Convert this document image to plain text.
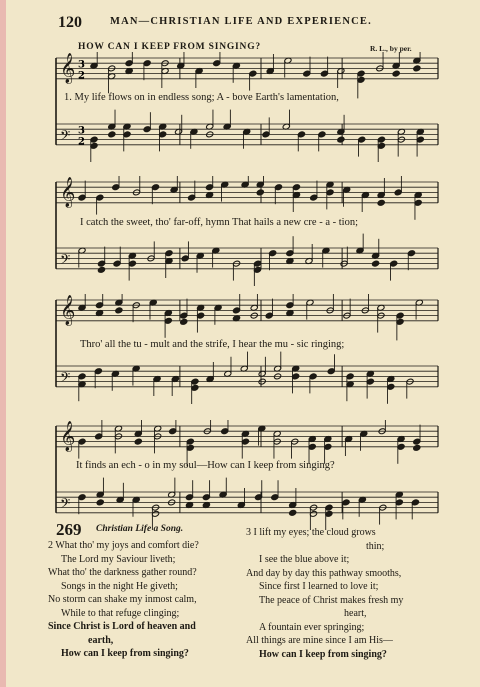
120	MAN—CHRISTIAN LIFE AND EXPERIENCE.
HOW CAN I KEEP FROM SINGING?	R. L., by per.
𝄞 3
2
𝄢 3
2
1. My life flows on in endless song; A - bove Earth's lamentation,
𝄞
𝄢
I catch the sweet, tho' far-off, hymn That hails a new cre - a - tion;
𝄞
𝄢
Thro' all the tu - mult and the strife, I hear the mu - sic ringing;
𝄞
𝄢
It finds an ech - o in my soul—How can I keep from singing?
269 Christian Life a Song.
2 What tho' my joys and comfort die?
The Lord my Saviour liveth;
What tho' the darkness gather round?
Songs in the night He giveth;
No storm can shake my inmost calm,
While to that refuge clinging;
Since Christ is Lord of heaven and
earth,
How can I keep from singing?
3 I lift my eyes; the cloud grows
thin;
I see the blue above it;
And day by day this pathway smooths,
Since first I learned to love it;
The peace of Christ makes fresh my
heart,
A fountain ever springing;
All things are mine since I am His—
How can I keep from singing?
